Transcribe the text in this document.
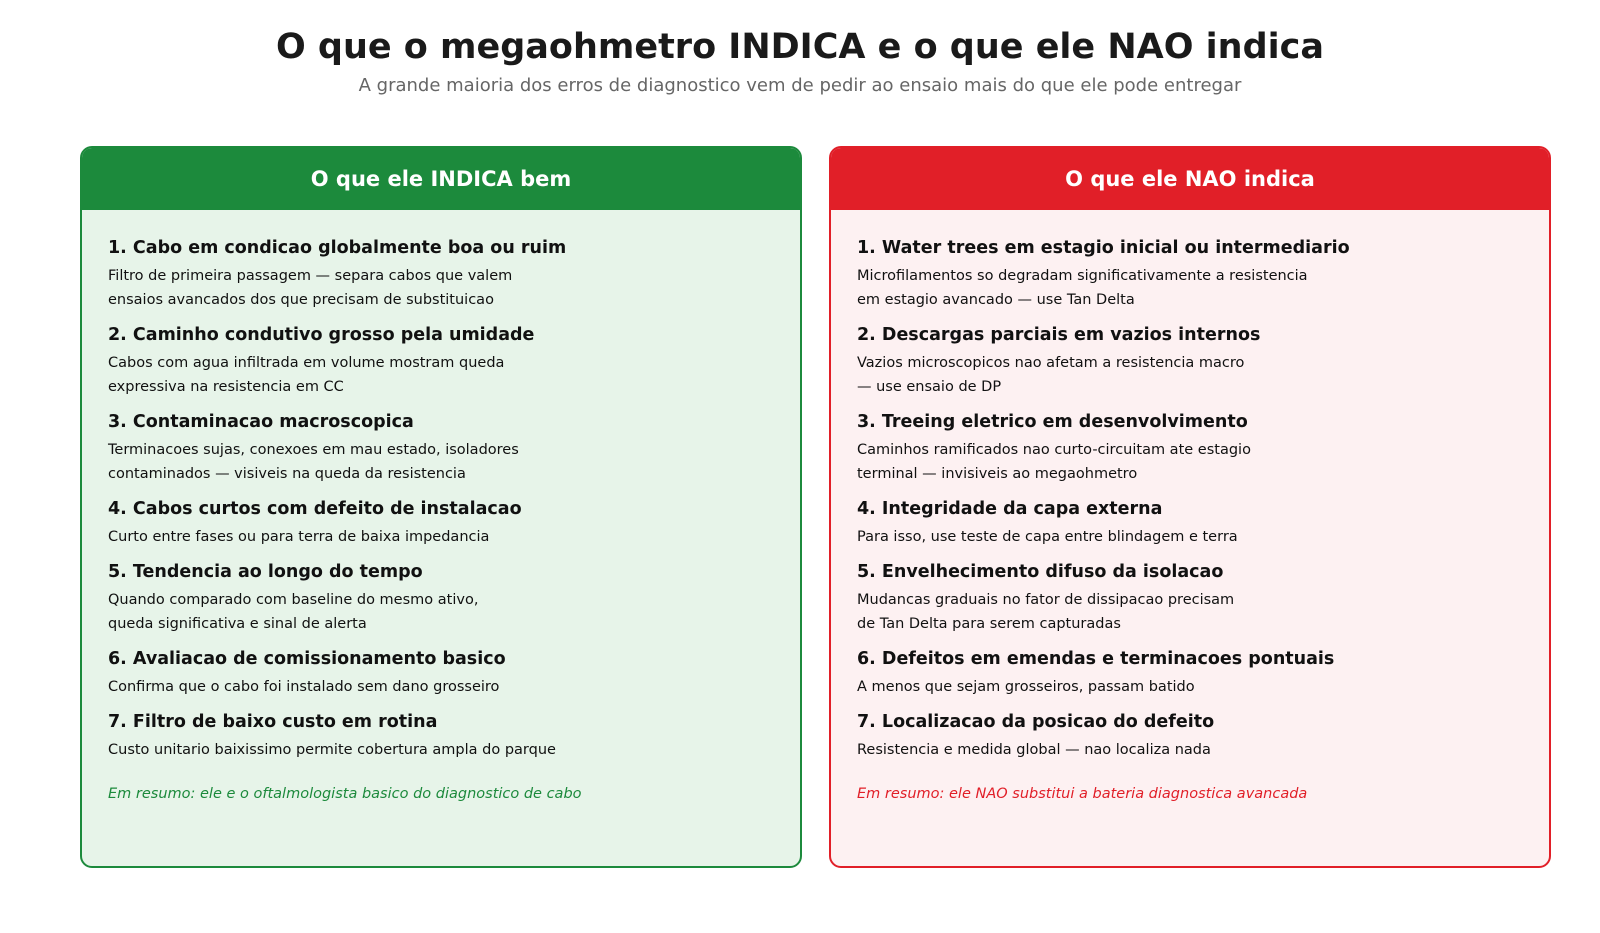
O que o megaohmetro INDICA e o que ele NAO indica
A grande maioria dos erros de diagnostico vem de pedir ao ensaio mais do que ele pode entregar
O que ele INDICA bem
1. Cabo em condicao globalmente boa ou ruim
Filtro de primeira passagem — separa cabos que valem
ensaios avancados dos que precisam de substituicao
2. Caminho condutivo grosso pela umidade
Cabos com agua infiltrada em volume mostram queda
expressiva na resistencia em CC
3. Contaminacao macroscopica
Terminacoes sujas, conexoes em mau estado, isoladores
contaminados — visiveis na queda da resistencia
4. Cabos curtos com defeito de instalacao
Curto entre fases ou para terra de baixa impedancia
5. Tendencia ao longo do tempo
Quando comparado com baseline do mesmo ativo,
queda significativa e sinal de alerta
6. Avaliacao de comissionamento basico
Confirma que o cabo foi instalado sem dano grosseiro
7. Filtro de baixo custo em rotina
Custo unitario baixissimo permite cobertura ampla do parque
Em resumo: ele e o oftalmologista basico do diagnostico de cabo
O que ele NAO indica
1. Water trees em estagio inicial ou intermediario
Microfilamentos so degradam significativamente a resistencia
em estagio avancado — use Tan Delta
2. Descargas parciais em vazios internos
Vazios microscopicos nao afetam a resistencia macro
— use ensaio de DP
3. Treeing eletrico em desenvolvimento
Caminhos ramificados nao curto-circuitam ate estagio
terminal — invisiveis ao megaohmetro
4. Integridade da capa externa
Para isso, use teste de capa entre blindagem e terra
5. Envelhecimento difuso da isolacao
Mudancas graduais no fator de dissipacao precisam
de Tan Delta para serem capturadas
6. Defeitos em emendas e terminacoes pontuais
A menos que sejam grosseiros, passam batido
7. Localizacao da posicao do defeito
Resistencia e medida global — nao localiza nada
Em resumo: ele NAO substitui a bateria diagnostica avancada
